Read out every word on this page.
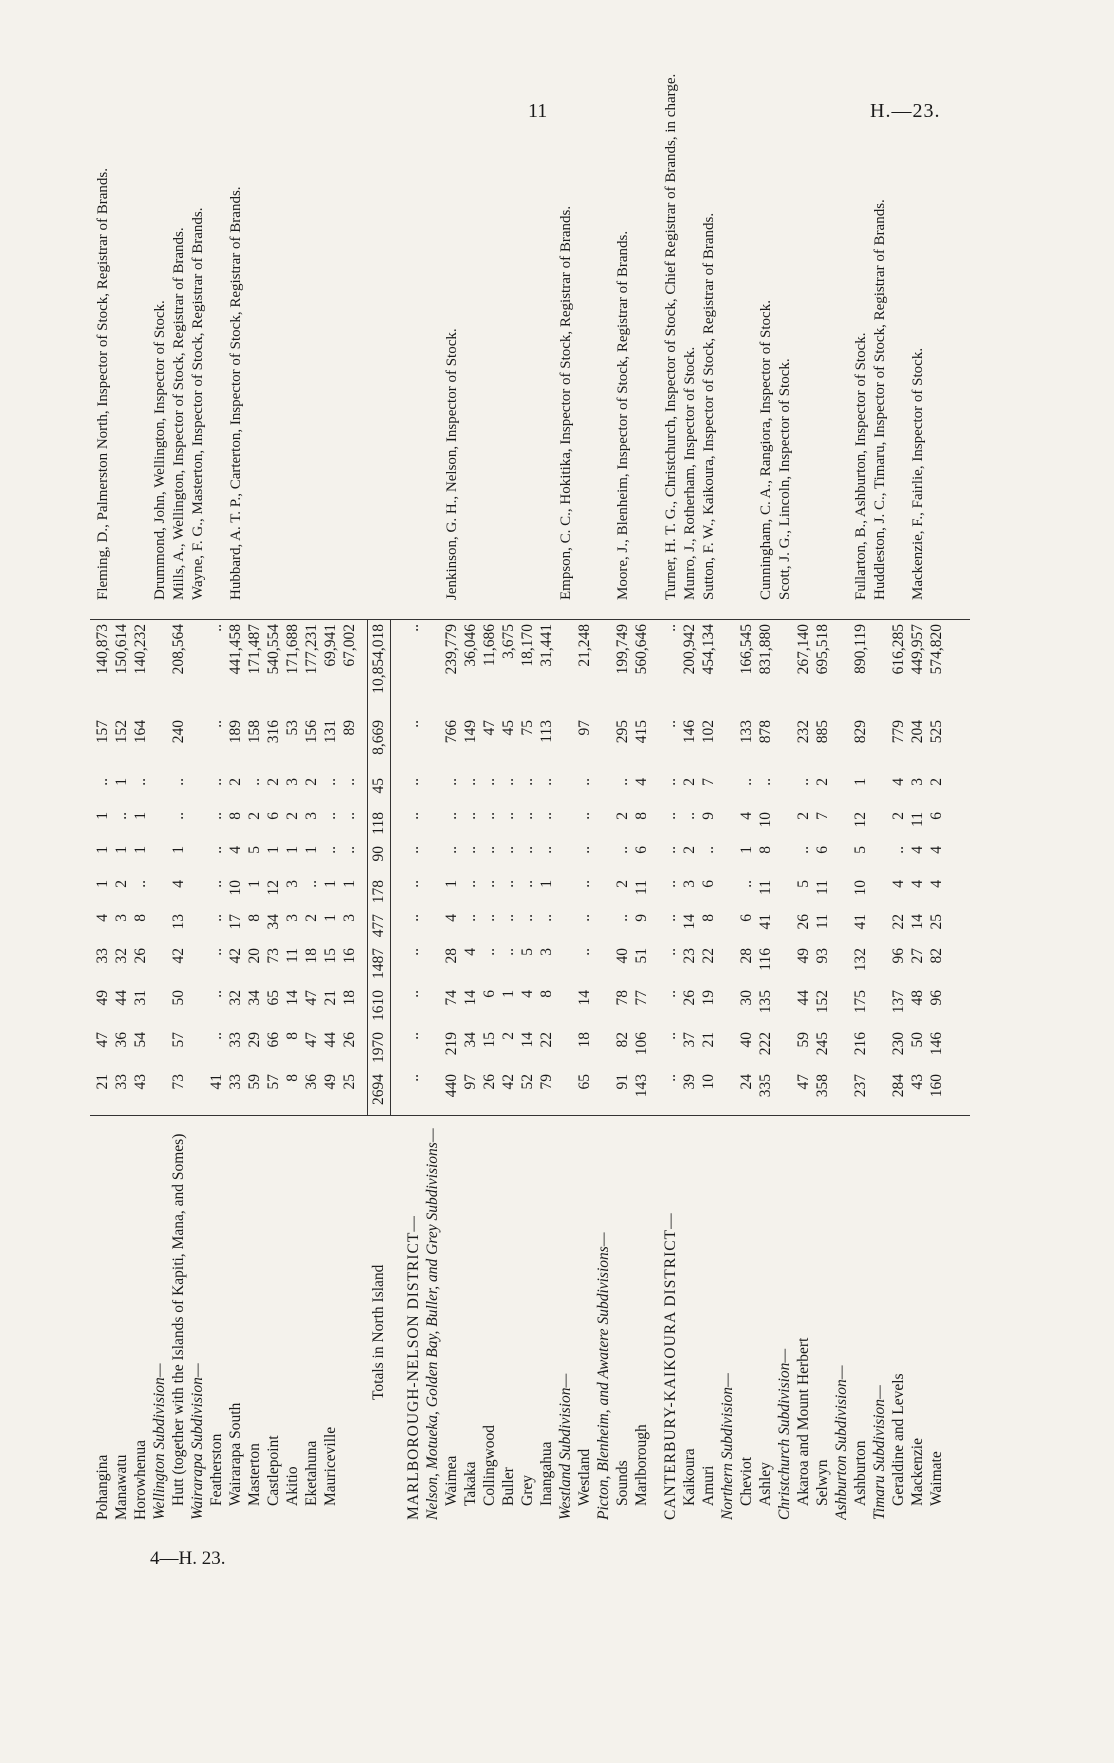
11	H.—23.
Pohangina
21
47
49
33
4
1
1
1
..
157
140,873
Fleming, D., Palmerston North, Inspector of Stock, Registrar of Brands.
Manawatu
33
36
44
32
3
2
1
..
1
152
150,614
Horowhenua
43
54
31
26
8
..
1
1
..
164
140,232
Wellington Subdivision—
Drummond, John, Wellington, Inspector of Stock.
Hutt (together with the Islands of Kapiti, Mana, and Somes)
73
57
50
42
13
4
1
..
..
240
208,564
Mills, A., Wellington, Inspector of Stock, Registrar of Brands.
Wairarapa Subdivision—
Wayne, F. G., Masterton, Inspector of Stock, Registrar of Brands.
Featherston
41
..
..
..
..
..
..
..
..
..
..
Wairarapa South
33
33
32
42
17
10
4
8
2
189
441,458
Hubbard, A. T. P., Carterton, Inspector of Stock, Registrar of Brands.
Masterton
59
29
34
20
8
1
5
2
..
158
171,487
Castlepoint
57
66
65
73
34
12
1
6
2
316
540,554
Akitio
8
8
14
11
3
3
1
2
3
53
171,688
Eketahuna
36
47
47
18
2
..
1
3
2
156
177,231
Mauriceville
49
44
21
15
1
1
..
..
..
131
69,941
25
26
18
16
3
1
..
..
..
89
67,002
Totals in North Island
2694
1970
1610
1487
477
178
90
118
45
8,669
10,854,018
MARLBOROUGH-NELSON DISTRICT—
..
..
..
..
..
..
..
..
..
..
..
Nelson, Motueka, Golden Bay, Buller, and Grey Subdivisions— Waimea
440
219
74
28
4
1
..
..
..
766
239,779
Jenkinson, G. H., Nelson, Inspector of Stock.
Takaka
97
34
14
4
..
..
..
..
..
149
36,046
Collingwood
26
15
6
..
..
..
..
..
..
47
11,686
Buller
42
2
1
..
..
..
..
..
..
45
3,675
Grey
52
14
4
5
..
..
..
..
..
75
18,170
Inangahua
79
22
8
3
..
1
..
..
..
113
31,441
Westland Subdivision—
Empson, C. C., Hokitika, Inspector of Stock, Registrar of Brands.
Westland
65
18
14
..
..
..
..
..
..
97
21,248
Picton, Blenheim, and Awatere Subdivisions— Sounds
91
82
78
40
..
2
..
2
..
295
199,749
Moore, J., Blenheim, Inspector of Stock, Registrar of Brands.
Marlborough
143
106
77
51
9
11
6
8
4
415
560,646
CANTERBURY-KAIKOURA DISTRICT—
..
..
..
..
..
..
..
..
..
..
..
Turner, H. T. G., Christchurch, Inspector of Stock, Chief Registrar of Brands, in charge.
Kaikoura
39
37
26
23
14
3
2
..
2
146
200,942
Munro, J., Rotherham, Inspector of Stock.
Amuri
10
21
19
22
8
6
..
9
7
102
454,134
Sutton, F. W., Kaikoura, Inspector of Stock, Registrar of Brands.
Northern Subdivision— Cheviot
24
40
30
28
6
..
1
4
..
133
166,545
Ashley
335
222
135
116
41
11
8
10
..
878
831,880
Cunningham, C. A., Rangiora, Inspector of Stock.
Christchurch Subdivision—
Scott, J. G., Lincoln, Inspector of Stock.
Akaroa and Mount Herbert
47
59
44
49
26
5
..
2
..
232
267,140
Selwyn
358
245
152
93
11
11
6
7
2
885
695,518
Ashburton Subdivision— Ashburton
237
216
175
132
41
10
5
12
1
829
890,119
Fullarton, B., Ashburton, Inspector of Stock.
Timaru Subdivision—
Huddleston, J. C., Timaru, Inspector of Stock, Registrar of Brands.
Geraldine and Levels
284
230
137
96
22
4
..
2
4
779
616,285
Mackenzie
43
50
48
27
14
4
4
11
3
204
449,957
Mackenzie, F., Fairlie, Inspector of Stock.
Waimate
160
146
96
82
25
4
4
6
2
525
574,820
4—H. 23.
